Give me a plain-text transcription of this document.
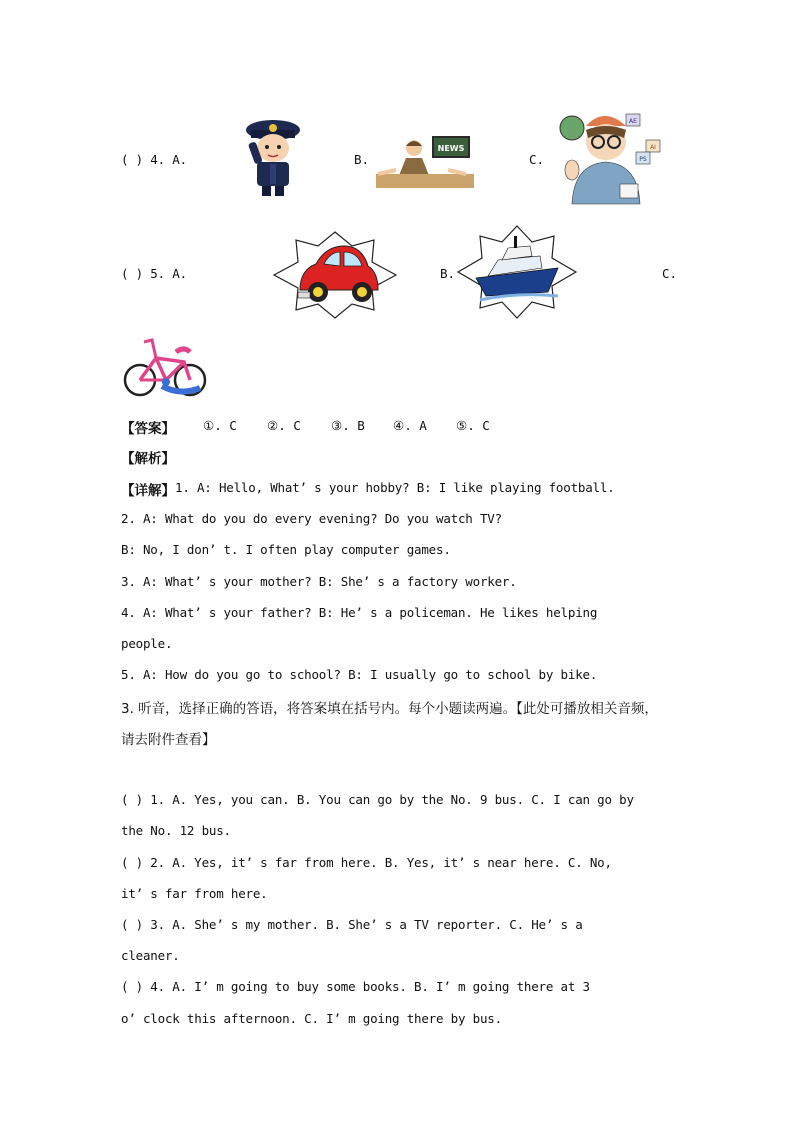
( ) 4. A.	B.
NEWS
C.
AE
AI
PS
( ) 5. A.	B.	C.
【答案】 ①. C ②. C ③. B ④. A ⑤. C
【解析】
【详解】 1. A: Hello, What’ s your hobby? B: I like playing football.
2. A: What do you do every evening? Do you watch TV?
B: No, I don’ t. I often play computer games.
3. A: What’ s your mother? B: She’ s a factory worker.
4. A: What’ s your father? B: He’ s a policeman. He likes helping
people.
5. A: How do you go to school? B: I usually go to school by bike.
3. 听音，选择正确的答语，将答案填在括号内。每个小题读两遍。【此处可播放相关音频，
请去附件查看】
( ) 1. A. Yes, you can. B. You can go by the No. 9 bus. C. I can go by
the No. 12 bus.
( ) 2. A. Yes, it’ s far from here. B. Yes, it’ s near here. C. No,
it’ s far from here.
( ) 3. A. She’ s my mother. B. She’ s a TV reporter. C. He’ s a
cleaner.
( ) 4. A. I’ m going to buy some books. B. I’ m going there at 3
o’ clock this afternoon. C. I’ m going there by bus.
